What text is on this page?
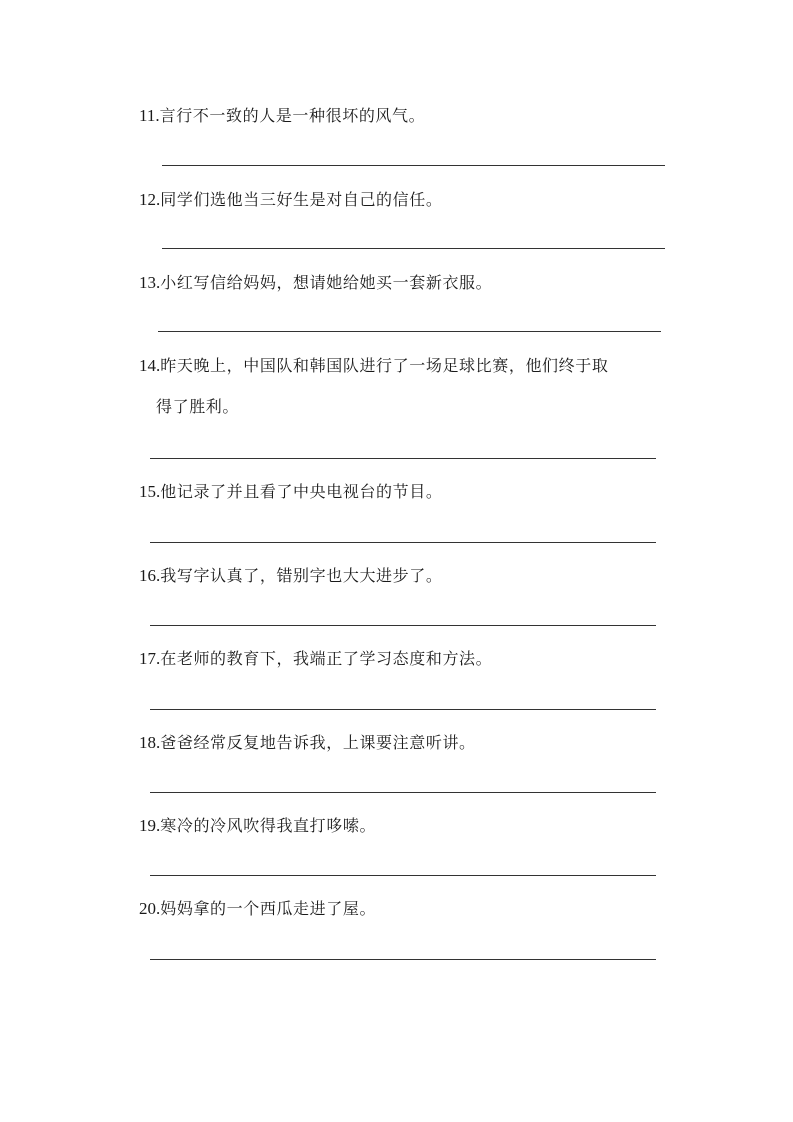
11.言行不一致的人是一种很坏的风气。
12.同学们选他当三好生是对自己的信任。
13.小红写信给妈妈，想请她给她买一套新衣服。
14.昨天晚上，中国队和韩国队进行了一场足球比赛，他们终于取
得了胜利。
15.他记录了并且看了中央电视台的节目。
16.我写字认真了，错别字也大大进步了。
17.在老师的教育下，我端正了学习态度和方法。
18.爸爸经常反复地告诉我，上课要注意听讲。
19.寒冷的冷风吹得我直打哆嗦。
20.妈妈拿的一个西瓜走进了屋。
